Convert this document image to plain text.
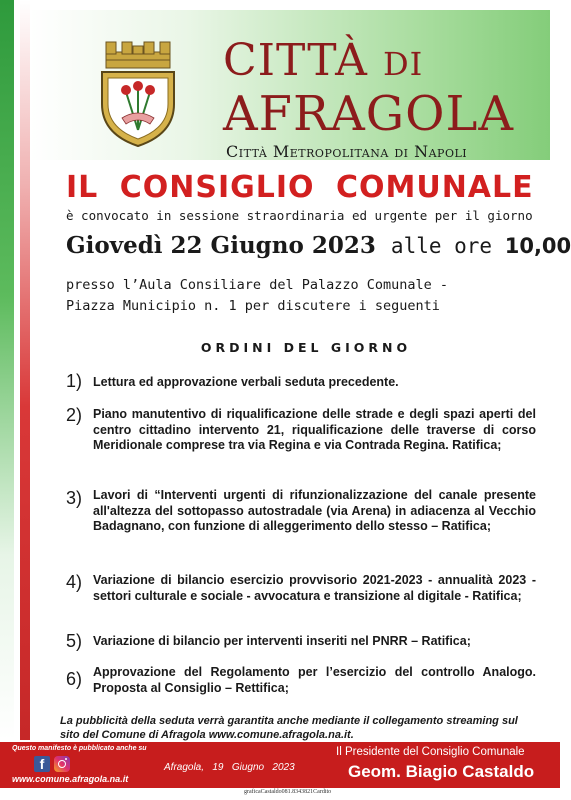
CITTÀ DI
AFRAGOLA
Città Metropolitana di Napoli
IL CONSIGLIO COMUNALE
è convocato in sessione straordinaria ed urgente per il giorno
Giovedì 22 Giugno 2023 alle ore 10,00
presso l’Aula Consiliare del Palazzo Comunale -
Piazza Municipio n. 1 per discutere i seguenti
ORDINI DEL GIORNO
1) Lettura ed approvazione verbali seduta precedente.
2) Piano manutentivo di riqualificazione delle strade e degli spazi aperti del centro cittadino intervento 21, riqualificazione delle traverse di corso Meridionale comprese tra via Regina e via Contrada Regina. Ratifica;
3) Lavori di “Interventi urgenti di rifunzionalizzazione del canale presente all'altezza del sottopasso autostradale (via Arena) in adiacenza al Vecchio Badagnano, con funzione di alleggerimento dello stesso – Ratifica;
4) Variazione di bilancio esercizio provvisorio 2021-2023 - annualità 2023 - settori culturale e sociale - avvocatura e transizione al digitale - Ratifica;
5) Variazione di bilancio per interventi inseriti nel PNRR – Ratifica;
6) Approvazione del Regolamento per l’esercizio del controllo Analogo. Proposta al Consiglio – Rettifica;
La pubblicità della seduta verrà garantita anche mediante il collegamento streaming sul sito del Comune di Afragola www.comune.afragola.na.it.
Questo manifesto è pubblicato anche su
f
www.comune.afragola.na.it
Afragola,   19   Giugno   2023
Il Presidente del Consiglio Comunale
Geom. Biagio Castaldo
graficaCastaldo081.8343821Cardito
